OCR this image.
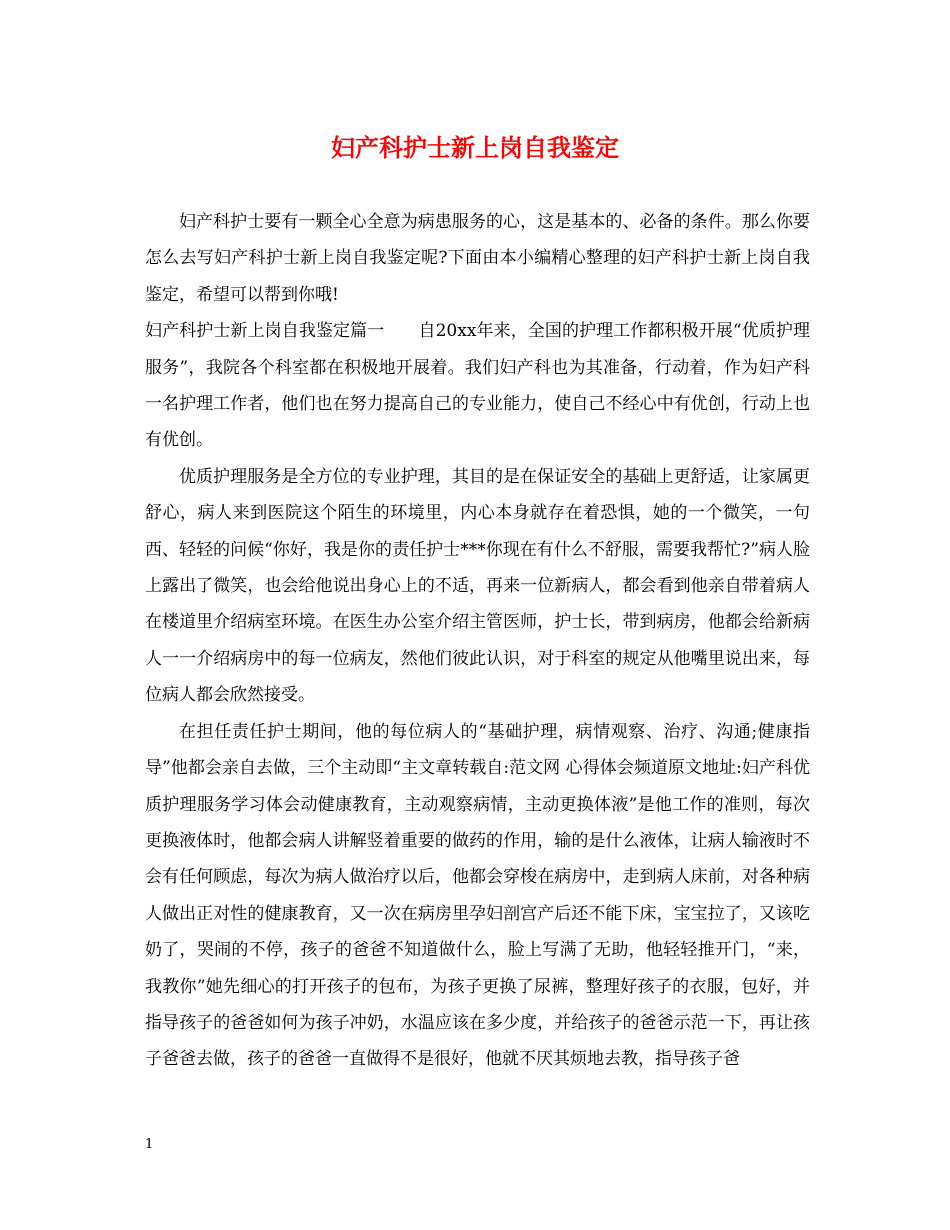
妇产科护士新上岗自我鉴定

妇产科护士要有一颗全心全意为病患服务的心，这是基本的、必备的条件。那么你要怎么去写妇产科护士新上岗自我鉴定呢?下面由本小编精心整理的妇产科护士新上岗自我鉴定，希望可以帮到你哦!

妇产科护士新上岗自我鉴定篇一　　自20xx年来，全国的护理工作都积极开展“优质护理服务”，我院各个科室都在积极地开展着。我们妇产科也为其准备，行动着，作为妇产科一名护理工作者，他们也在努力提高自己的专业能力，使自己不经心中有优创，行动上也有优创。

优质护理服务是全方位的专业护理，其目的是在保证安全的基础上更舒适，让家属更舒心，病人来到医院这个陌生的环境里，内心本身就存在着恐惧，她的一个微笑，一句西、轻轻的问候“你好，我是你的责任护士***你现在有什么不舒服，需要我帮忙?”病人脸上露出了微笑，也会给他说出身心上的不适，再来一位新病人，都会看到他亲自带着病人在楼道里介绍病室环境。在医生办公室介绍主管医师，护士长，带到病房，他都会给新病人一一介绍病房中的每一位病友，然他们彼此认识，对于科室的规定从他嘴里说出来，每位病人都会欣然接受。

在担任责任护士期间，他的每位病人的“基础护理，病情观察、治疗、沟通;健康指导”他都会亲自去做，三个主动即“主文章转载自:范文网 心得体会频道原文地址:妇产科优质护理服务学习体会动健康教育，主动观察病情，主动更换体液”是他工作的准则，每次更换液体时，他都会病人讲解竖着重要的做药的作用，输的是什么液体，让病人输液时不会有任何顾虑，每次为病人做治疗以后，他都会穿梭在病房中，走到病人床前，对各种病人做出正对性的健康教育，又一次在病房里孕妇剖宫产后还不能下床，宝宝拉了，又该吃奶了，哭闹的不停，孩子的爸爸不知道做什么，脸上写满了无助，他轻轻推开门，“来，我教你”她先细心的打开孩子的包布，为孩子更换了尿裤，整理好孩子的衣服，包好，并指导孩子的爸爸如何为孩子冲奶，水温应该在多少度，并给孩子的爸爸示范一下，再让孩子爸爸去做，孩子的爸爸一直做得不是很好，他就不厌其烦地去教，指导孩子爸

1
